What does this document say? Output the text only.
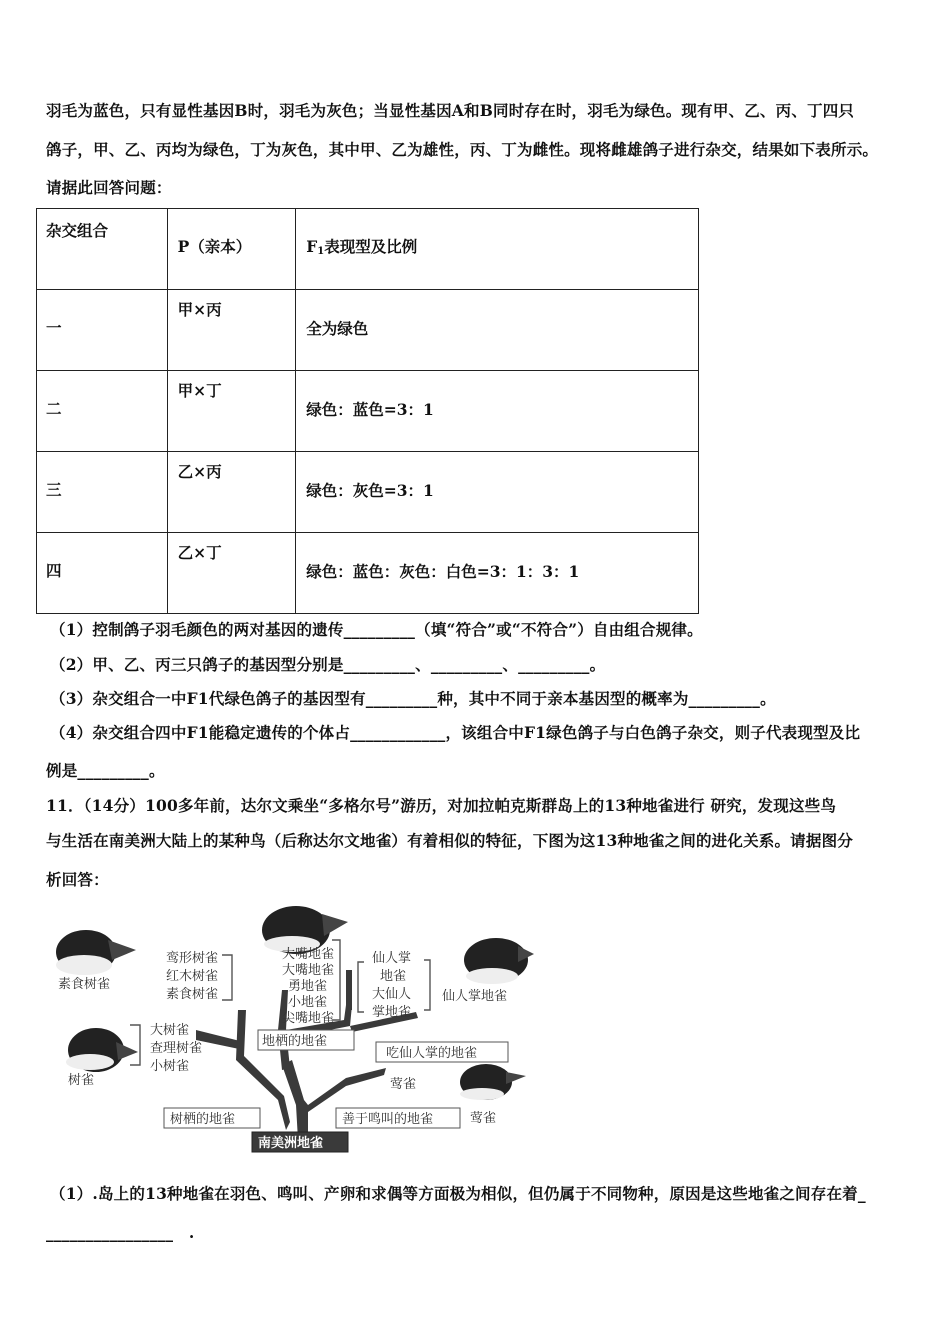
羽毛为蓝色，只有显性基因B时，羽毛为灰色；当显性基因A和B同时存在时，羽毛为绿色。现有甲、乙、丙、丁四只
鸽子，甲、乙、丙均为绿色，丁为灰色，其中甲、乙为雄性，丙、丁为雌性。现将雌雄鸽子进行杂交，结果如下表所示。
请据此回答问题：
杂交组合	P（亲本）	$F_1$表现型及比例

一	甲×丙	全为绿色

二	甲×丁	绿色：蓝色=3：1

三	乙×丙	绿色：灰色=3：1

四	乙×丁	绿色：蓝色：灰色：白色=3：1：3：1
（1）控制鸽子羽毛颜色的两对基因的遗传_________（填“符合”或“不符合”）自由组合规律。
（2）甲、乙、丙三只鸽子的基因型分别是_________、_________、_________。
（3）杂交组合一中F1代绿色鸽子的基因型有_________种，其中不同于亲本基因型的概率为_________。
（4）杂交组合四中F1能稳定遗传的个体占____________，该组合中F1绿色鸽子与白色鸽子杂交，则子代表现型及比
例是_________。
11．（14分）100多年前，达尔文乘坐“多格尔号”游历，对加拉帕克斯群岛上的13种地雀进行 研究，发现这些鸟
与生活在南美洲大陆上的某种鸟（后称达尔文地雀）有着相似的特征，下图为这13种地雀之间的进化关系。请据图分
析回答：
素食树雀
树雀
仙人掌地雀
莺雀
鸾形树雀
红木树雀
素食树雀
大树雀
查理树雀
小树雀
大嘴地雀
大嘴地雀
勇地雀
小地雀
尖嘴地雀
仙人掌
地雀
大仙人
掌地雀
莺雀
地栖的地雀
吃仙人掌的地雀
树栖的地雀	善于鸣叫的地雀
南美洲地雀
（1）.岛上的13种地雀在羽色、鸣叫、产卵和求偶等方面极为相似，但仍属于不同物种，原因是这些地雀之间存在着_
________________　.
